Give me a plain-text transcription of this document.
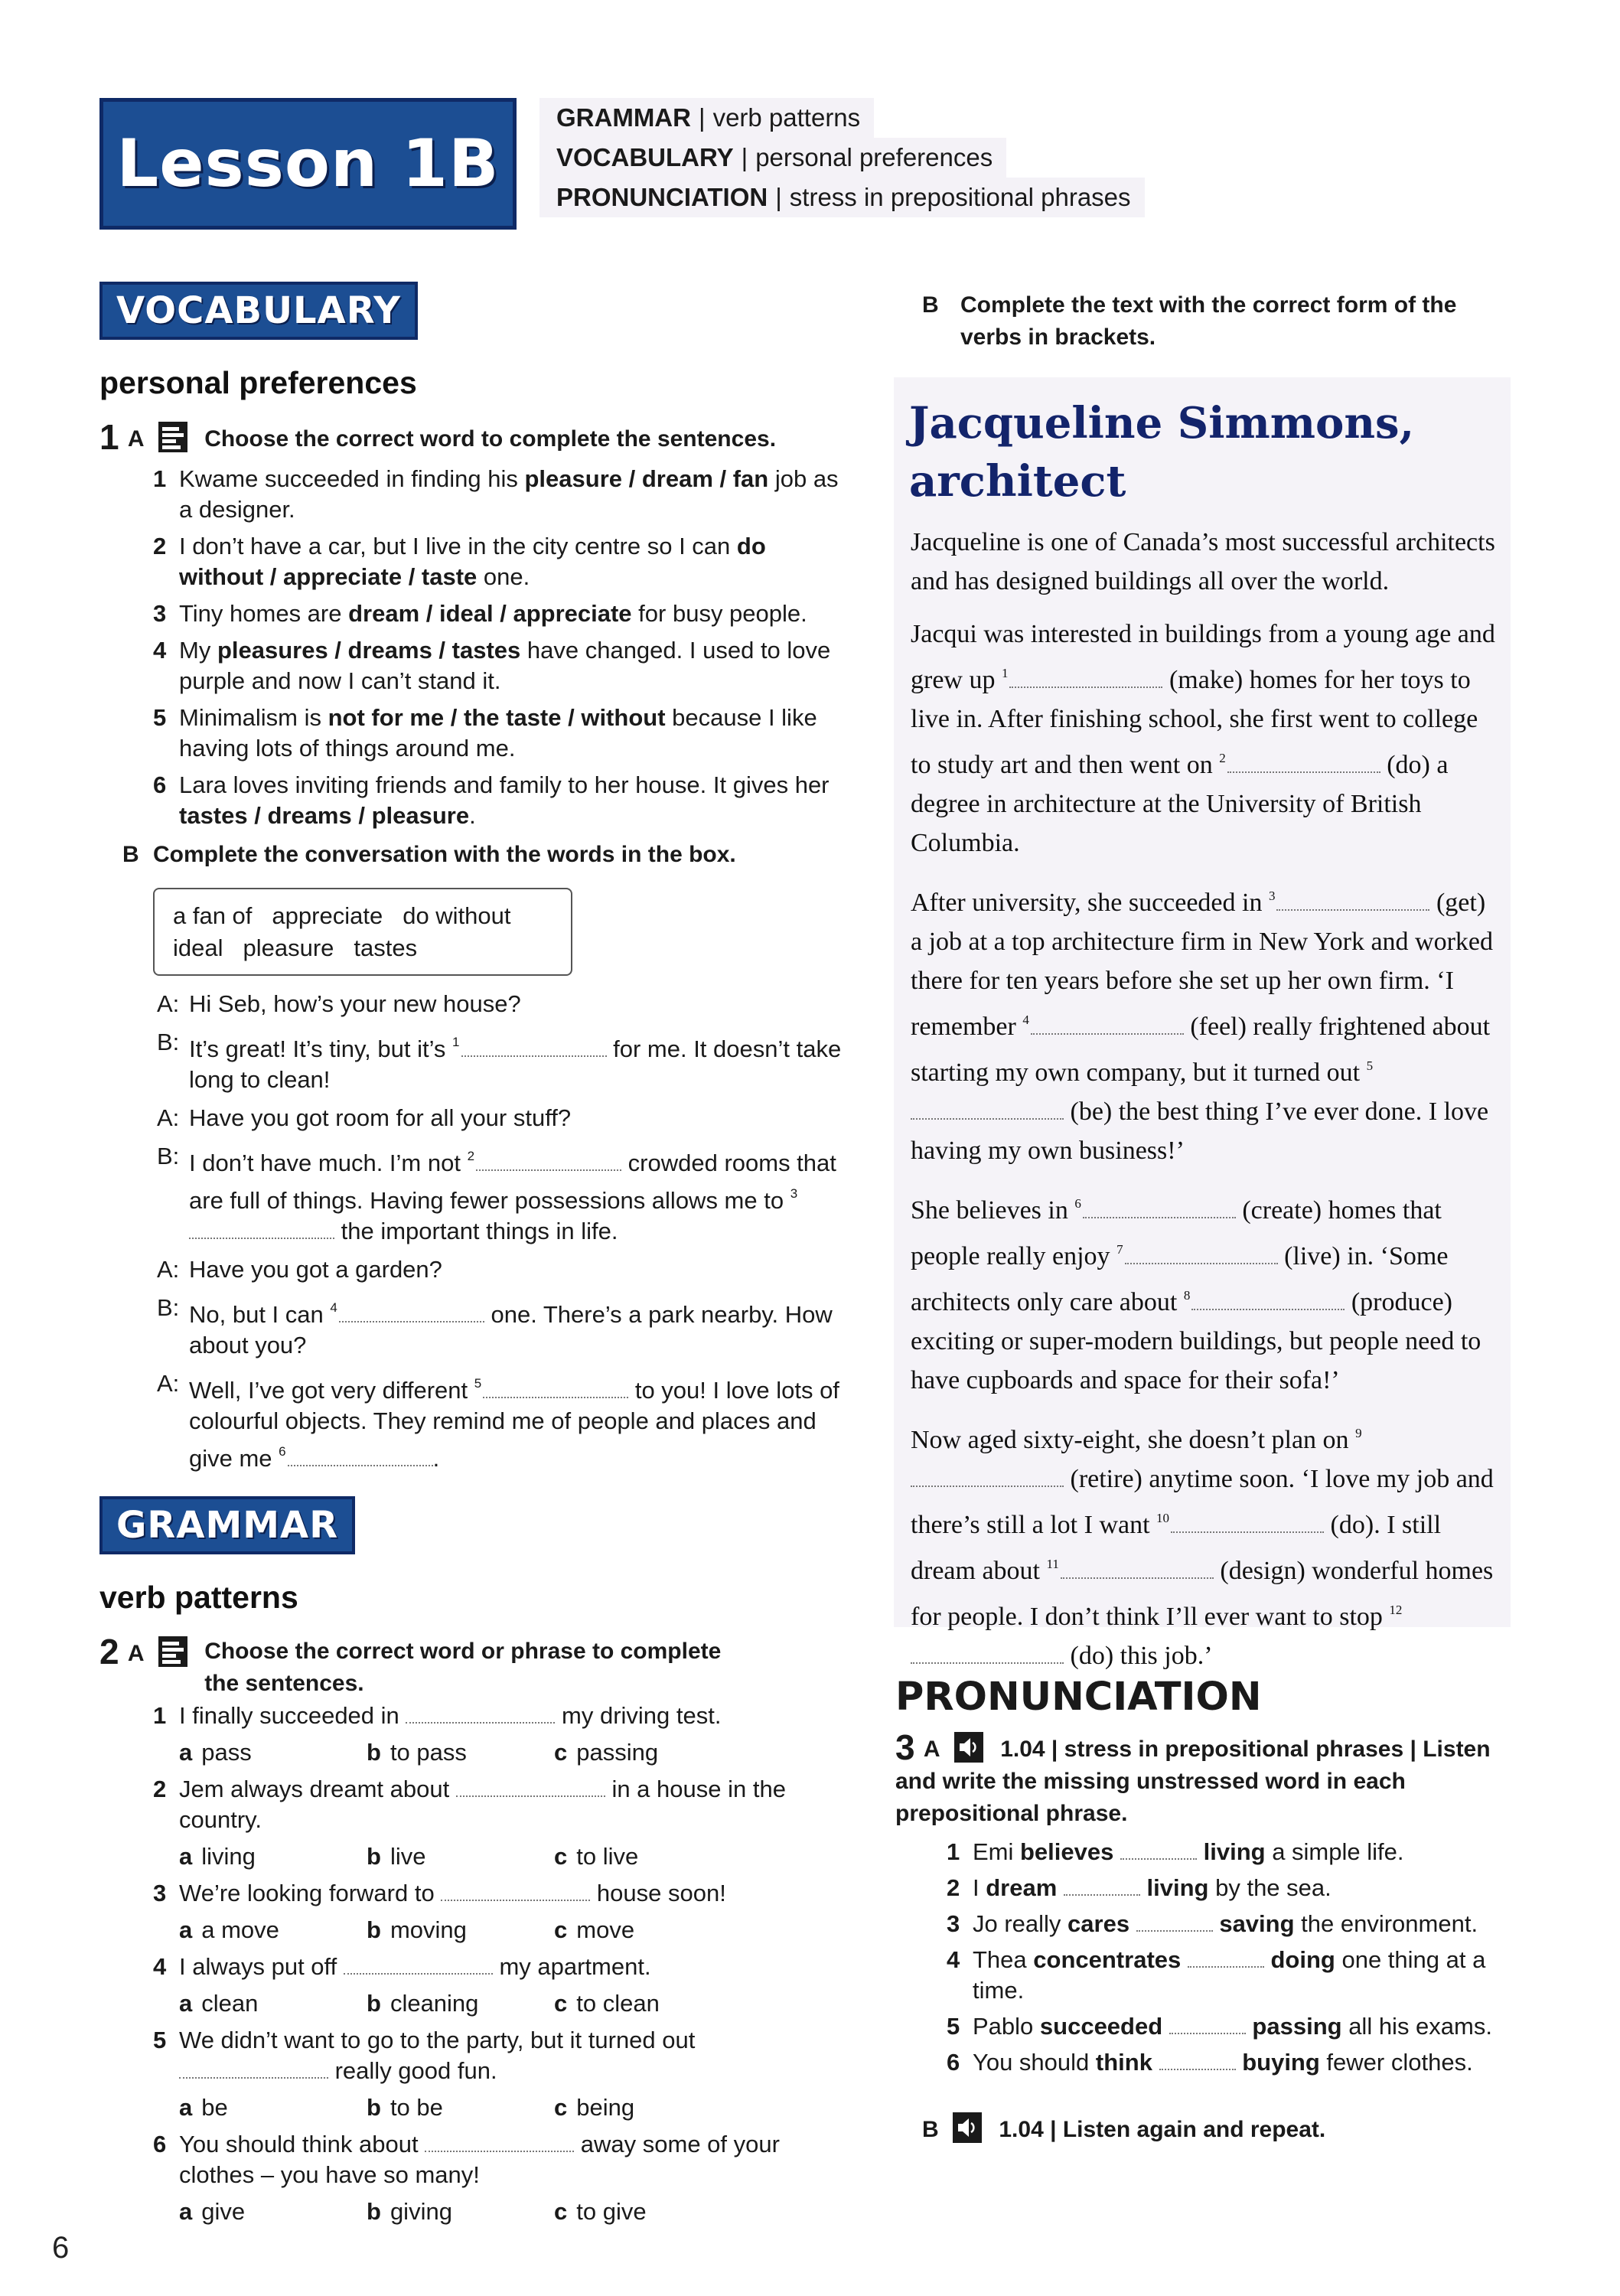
Lesson 1B
GRAMMAR | verb patterns
VOCABULARY | personal preferences
PRONUNCIATION | stress in prepositional phrases
VOCABULARY
personal preferences
1 A	Choose the correct word to complete the sentences.
1 Kwame succeeded in finding his pleasure / dream / fan job as a designer.
2 I don’t have a car, but I live in the city centre so I can do without / appreciate / taste one.
3 Tiny homes are dream / ideal / appreciate for busy people.
4 My pleasures / dreams / tastes have changed. I used to love purple and now I can’t stand it.
5 Minimalism is not for me / the taste / without because I like having lots of things around me.
6 Lara loves inviting friends and family to her house. It gives her tastes / dreams / pleasure.
B Complete the conversation with the words in the box.
a fan of appreciate do without
ideal pleasure tastes
A: Hi Seb, how’s your new house?
B: It’s great! It’s tiny, but it’s $^1$	for me. It doesn’t take long to clean!
A: Have you got room for all your stuff?
B: I don’t have much. I’m not $^2$	crowded rooms that are full of things. Having fewer possessions allows me to $^3$ the important things in life.
A: Have you got a garden?
B: No, but I can $^4$	one. There’s a park nearby. How about you?
A: Well, I’ve got very different $^5$	to you! I love lots of colourful objects. They remind me of people and places and give me $^6$	.
GRAMMAR
verb patterns
2 A	Choose the correct word or phrase to complete the sentences.
1 I finally succeeded in	my driving test.
a pass	b to pass	c passing
2 Jem always dreamt about	in a house in the country.
a living	b live	c to live
3 We’re looking forward to	house soon!
a a move	b moving	c move
4 I always put off	my apartment.
a clean	b cleaning	c to clean
5 We didn’t want to go to the party, but it turned out  really good fun.
a be	b to be	c being
6 You should think about	away some of your clothes – you have so many!
a give	b giving	c to give
B Complete the text with the correct form of the verbs in brackets.
Jacqueline Simmons, architect

Jacqueline is one of Canada’s most successful architects and has designed buildings all over the world.

Jacqui was interested in buildings from a young age and grew up $^1$	(make) homes for her toys to live in. After finishing school, she first went to college to study art and then went on $^2$	(do) a degree in architecture at the University of British Columbia.

After university, she succeeded in $^3$	(get) a job at a top architecture firm in New York and worked there for ten years before she set up her own firm. ‘I remember $^4$	(feel) really frightened about starting my own company, but it turned out $^5$ (be) the best thing I’ve ever done. I love having my own business!’

She believes in $^6$	(create) homes that people really enjoy $^7$	(live) in. ‘Some architects only care about $^8$	(produce) exciting or super-modern buildings, but people need to have cupboards and space for their sofa!’

Now aged sixty-eight, she doesn’t plan on $^9$ (retire) anytime soon. ‘I love my job and there’s still a lot I want $^{10}$	(do). I still dream about $^{11}$	(design) wonderful homes for people. I don’t think I’ll ever want to stop $^{12}$ (do) this job.’

PRONUNCIATION
3 A	1.04 | stress in prepositional phrases | Listen and write the missing unstressed word in each prepositional phrase.
1 Emi believes	living a simple life.
2 I dream	living by the sea.
3 Jo really cares	saving the environment.
4 Thea concentrates	doing one thing at a time.
5 Pablo succeeded	passing all his exams.
6 You should think	buying fewer clothes.
B	1.04 | Listen again and repeat.
6
